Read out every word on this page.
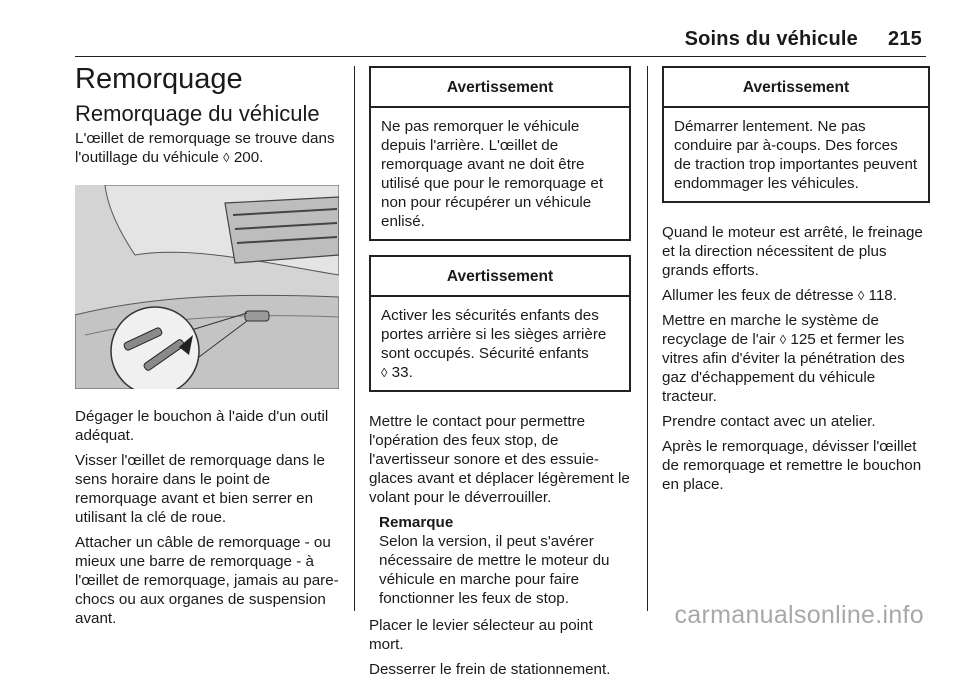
Soins du véhicule 215
Remorquage
Remorquage du véhicule

L'œillet de remorquage se trouve dans l'outillage du véhicule ◊ 200.

Dégager le bouchon à l'aide d'un outil adéquat.

Visser l'œillet de remorquage dans le sens horaire dans le point de remorquage avant et bien serrer en utilisant la clé de roue.

Attacher un câble de remorquage - ou mieux une barre de remorquage - à l'œillet de remorquage, jamais au pare-chocs ou aux organes de suspension avant.

Avertissement
Ne pas remorquer le véhicule depuis l'arrière. L'œillet de remorquage avant ne doit être utilisé que pour le remorquage et non pour récupérer un véhicule enlisé.
Avertissement
Activer les sécurités enfants des portes arrière si les sièges arrière sont occupés. Sécurité enfants
◊ 33.

Mettre le contact pour permettre l'opération des feux stop, de l'avertisseur sonore et des essuie-glaces avant et déplacer légèrement le volant pour le déverrouiller.

Remarque
Selon la version, il peut s'avérer nécessaire de mettre le moteur du véhicule en marche pour faire fonctionner les feux de stop.

Placer le levier sélecteur au point mort.

Desserrer le frein de stationnement.

Avertissement
Démarrer lentement. Ne pas conduire par à-coups. Des forces de traction trop importantes peuvent endommager les véhicules.

Quand le moteur est arrêté, le freinage et la direction nécessitent de plus grands efforts.

Allumer les feux de détresse ◊ 118.

Mettre en marche le système de recyclage de l'air ◊ 125 et fermer les vitres afin d'éviter la pénétration des gaz d'échappement du véhicule tracteur.

Prendre contact avec un atelier.

Après le remorquage, dévisser l'œillet de remorquage et remettre le bouchon en place.

carmanualsonline.info
